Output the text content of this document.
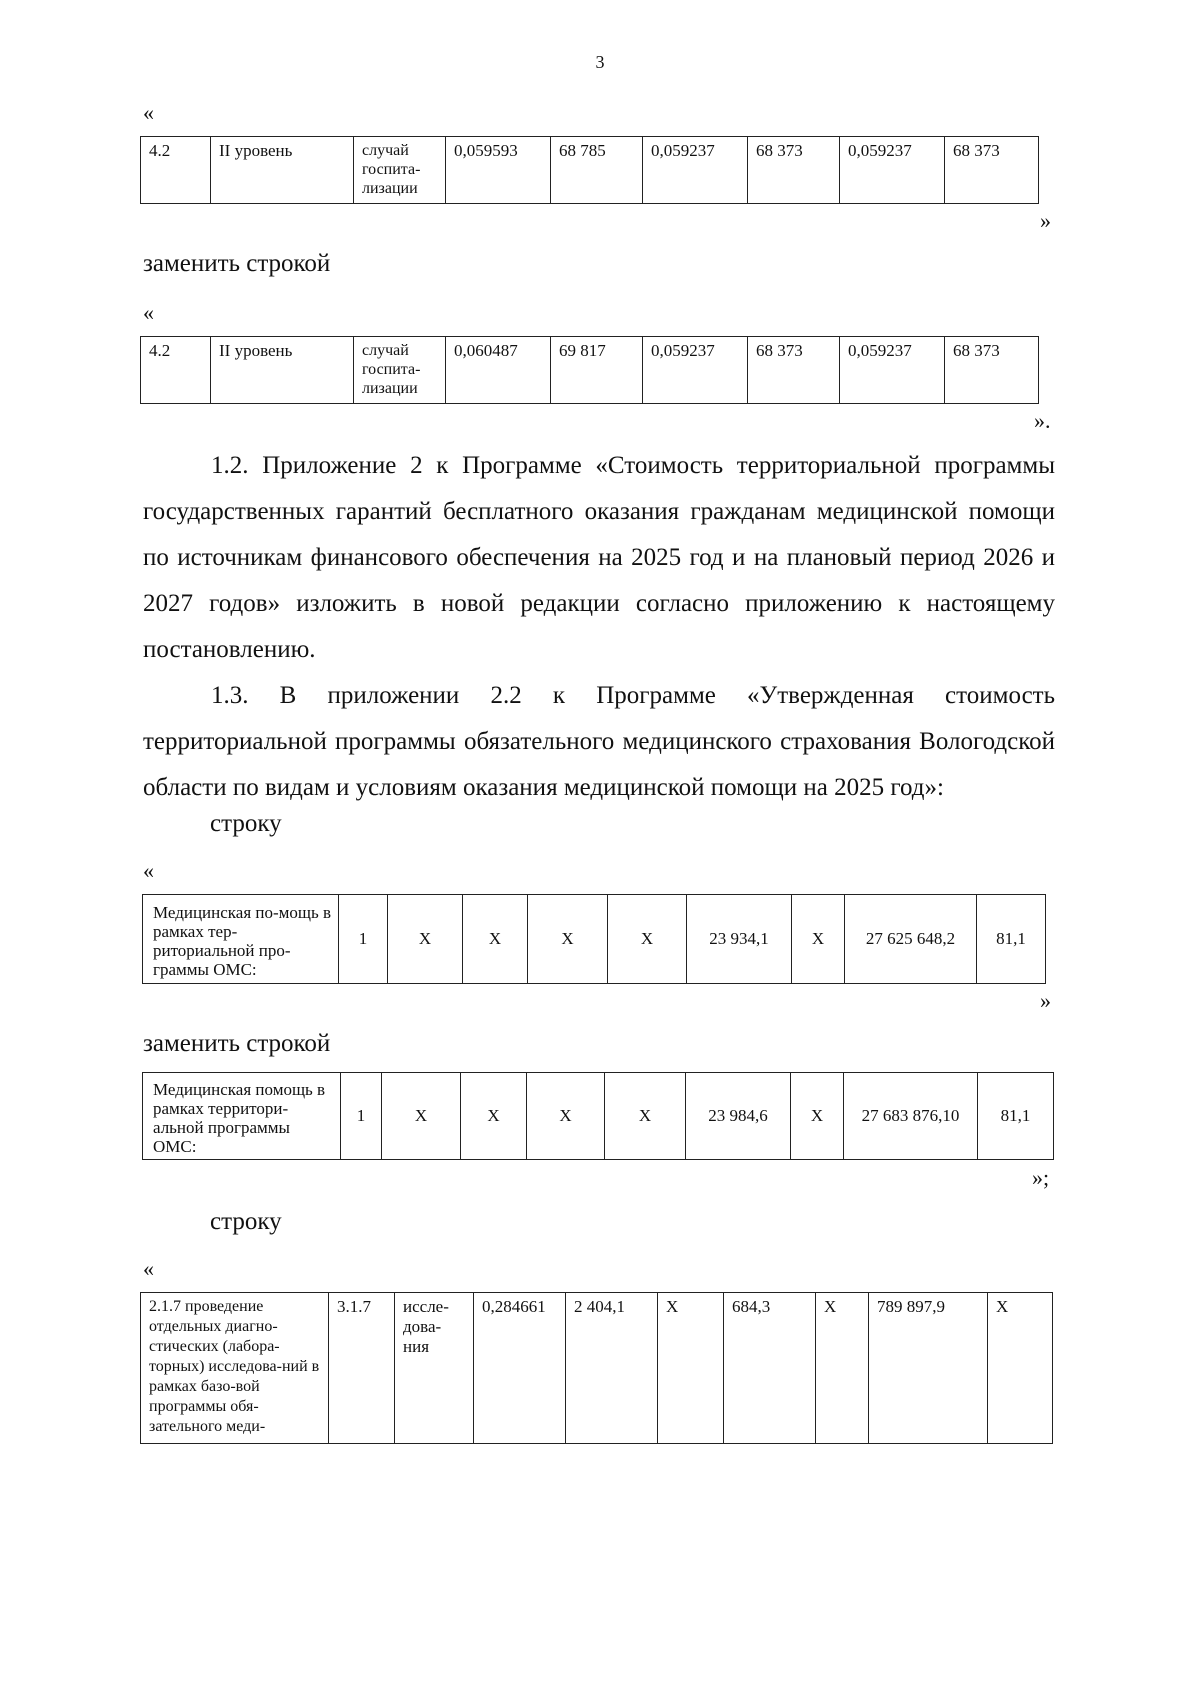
3
«
4.2	II уровень	случай госпита-лизации	0,059593	68 785	0,059237	68 373	0,059237	68 373
»
заменить строкой
«
4.2	II уровень	случай госпита-лизации	0,060487	69 817	0,059237	68 373	0,059237	68 373
».

1.2. Приложение 2 к Программе «Стоимость территориальной программы государственных гарантий бесплатного оказания гражданам медицинской помощи по источникам финансового обеспечения на 2025 год и на плановый период 2026 и 2027 годов» изложить в новой редакции согласно приложению к настоящему постановлению.

1.3. В приложении 2.2 к Программе «Утвержденная стоимость территориальной программы обязательного медицинского страхования Вологодской области по видам и условиям оказания медицинской помощи на 2025 год»:

строку
«
Медицинская по-мощь в рамках тер-риториальной про-граммы ОМС:	1	X	X	X	X	23 934,1	X	27 625 648,2	81,1
»
заменить строкой
Медицинская помощь в рамках территори-альной программы ОМС:	1	X	X	X	X	23 984,6	X	27 683 876,10	81,1
»;
строку
«
2.1.7 проведение отдельных диагно-стических (лабора-торных) исследова-ний в рамках базо-вой программы обя-зательного меди-	3.1.7	иссле-дова-ния	0,284661	2 404,1	X	684,3	X	789 897,9	X
